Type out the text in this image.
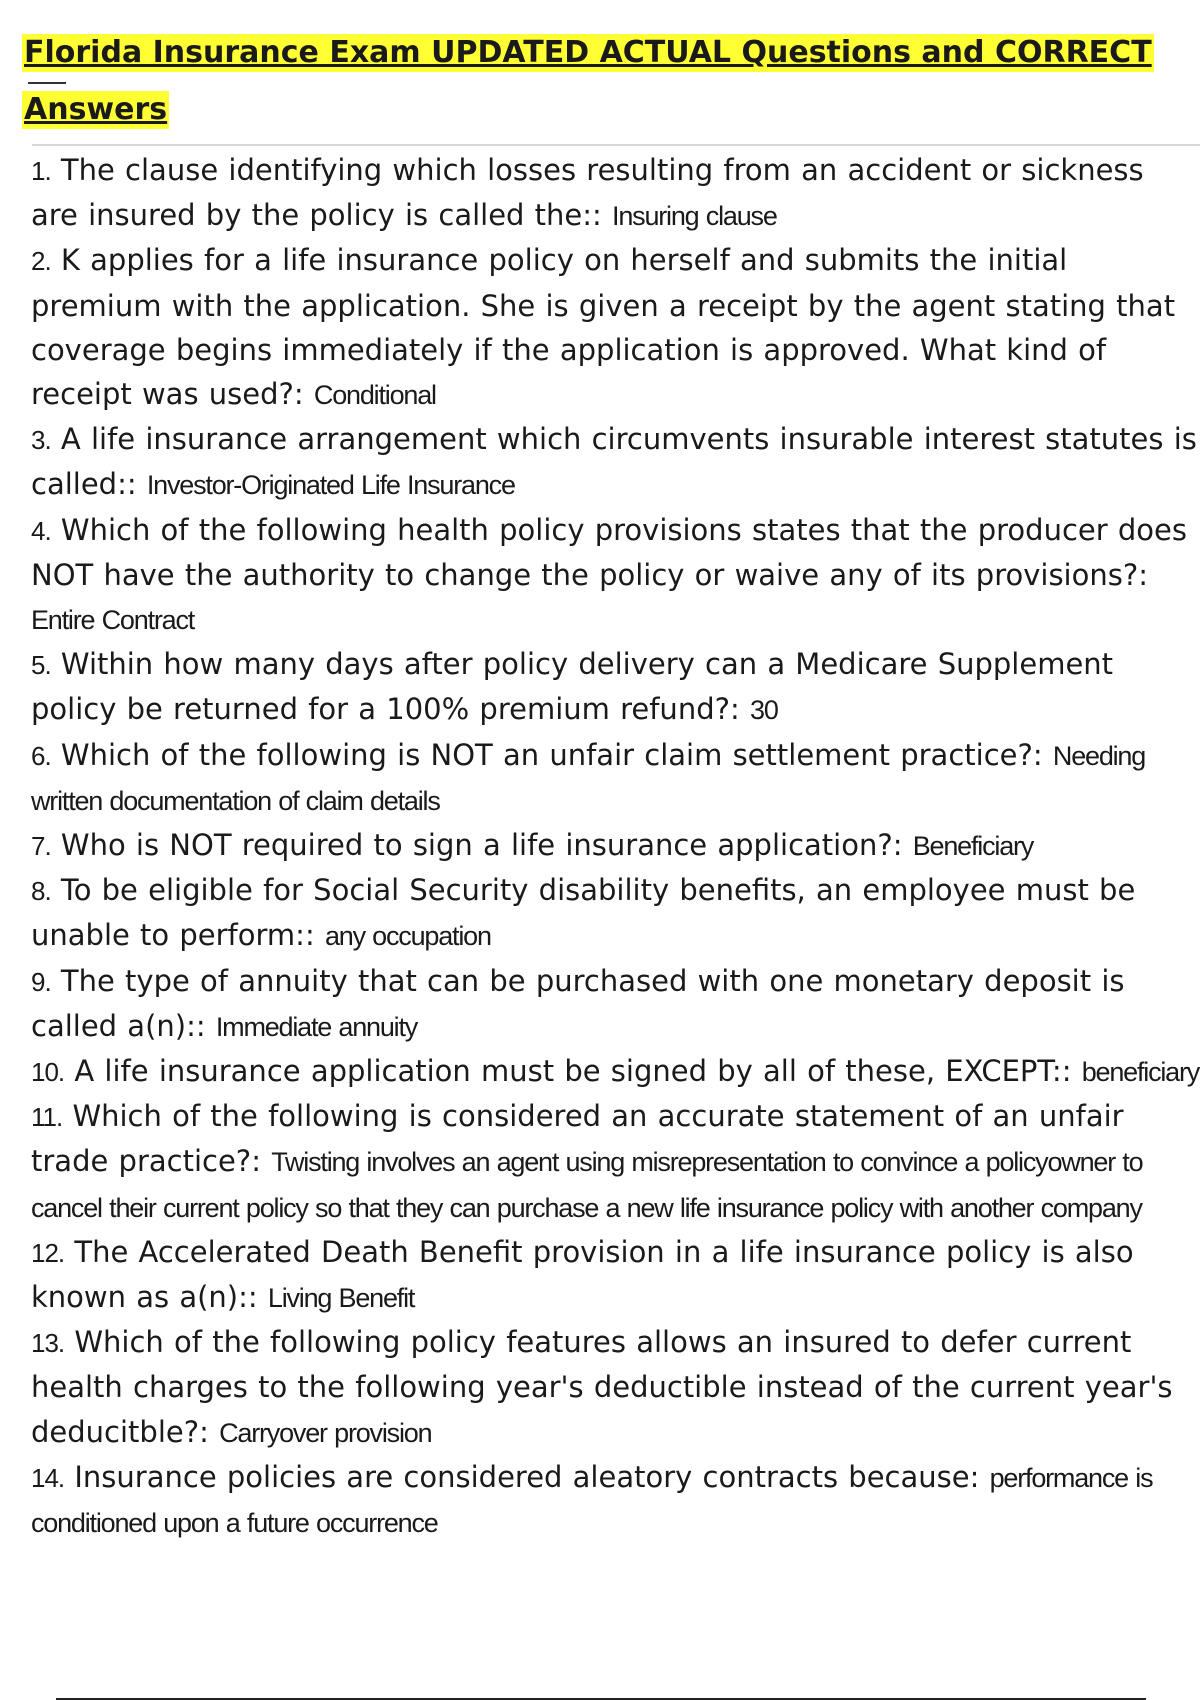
Florida Insurance Exam UPDATED ACTUAL Questions and CORRECT
Answers

1. The clause identifying which losses resulting from an accident or sickness are insured by the policy is called the:: Insuring clause

2. K applies for a life insurance policy on herself and submits the initial premium with the application. She is given a receipt by the agent stating that coverage begins immediately if the application is approved. What kind of receipt was used?: Conditional

3. A life insurance arrangement which circumvents insurable interest statutes is called:: Investor-Originated Life Insurance

4. Which of the following health policy provisions states that the producer does NOT have the authority to change the policy or waive any of its provisions?: Entire Contract

5. Within how many days after policy delivery can a Medicare Supplement policy be returned for a 100% premium refund?: 30

6. Which of the following is NOT an unfair claim settlement practice?: Needing written documentation of claim details

7. Who is NOT required to sign a life insurance application?: Beneficiary

8. To be eligible for Social Security disability benefits, an employee must be unable to perform:: any occupation

9. The type of annuity that can be purchased with one monetary deposit is called a(n):: Immediate annuity

10. A life insurance application must be signed by all of these, EXCEPT:: beneficiary

11. Which of the following is considered an accurate statement of an unfair trade practice?: Twisting involves an agent using misrepresentation to convince a policyowner to cancel their current policy so that they can purchase a new life insurance policy with another company

12. The Accelerated Death Benefit provision in a life insurance policy is also known as a(n):: Living Benefit

13. Which of the following policy features allows an insured to defer current health charges to the following year's deductible instead of the current year's deducitble?: Carryover provision

14. Insurance policies are considered aleatory contracts because: performance is conditioned upon a future occurrence
